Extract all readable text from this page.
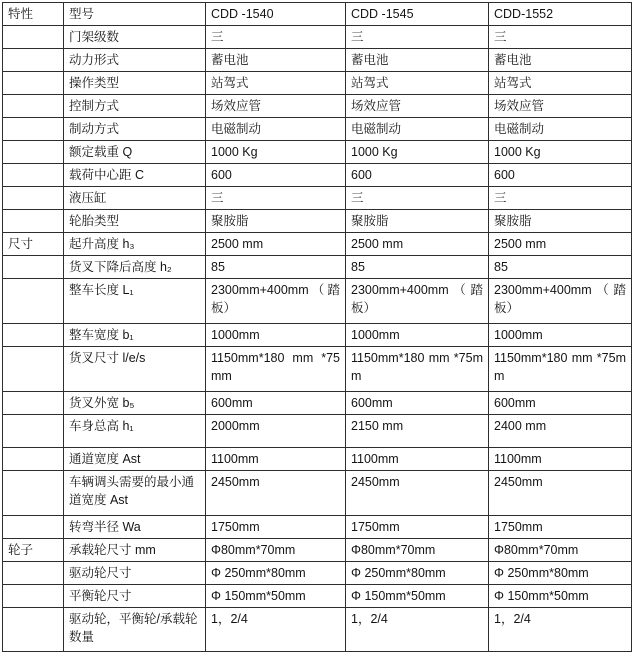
特性	型号	CDD -1540	CDD -1545	CDD-1552
	门架级数	三	三	三
	动力形式	蓄电池	蓄电池	蓄电池
	操作类型	站驾式	站驾式	站驾式
	控制方式	场效应管	场效应管	场效应管
	制动方式	电磁制动	电磁制动	电磁制动
	额定载重 Q	1000 Kg	1000 Kg	1000 Kg
	载荷中心距 C	600	600	600
	液压缸	三	三	三
	轮胎类型	聚胺脂	聚胺脂	聚胺脂
尺寸	起升高度 h₃	2500 mm	2500 mm	2500 mm
	货叉下降后高度 h₂	85	85	85
	整车长度 L₁	2300mm+400mm（踏板）	2300mm+400mm（踏板）	2300mm+400mm（踏板）
	整车宽度 b₁	1000mm	1000mm	1000mm
	货叉尺寸 l/e/s	1150mm*180 mm *75mm	1150mm*180 mm *75mm	1150mm*180 mm *75mm
	货叉外宽 b₅	600mm	600mm	600mm
	车身总高 h₁	2000mm	2150 mm	2400 mm
	通道宽度 Ast	1100mm	1100mm	1100mm
	车辆调头需要的最小通道宽度 Ast	2450mm	2450mm	2450mm
	转弯半径 Wa	1750mm	1750mm	1750mm
轮子	承载轮尺寸 mm	Φ80mm*70mm	Φ80mm*70mm	Φ80mm*70mm
	驱动轮尺寸	Φ 250mm*80mm	Φ 250mm*80mm	Φ 250mm*80mm
	平衡轮尺寸	Φ 150mm*50mm	Φ 150mm*50mm	Φ 150mm*50mm
	驱动轮，平衡轮/承载轮数量	1，2/4	1，2/4	1，2/4
